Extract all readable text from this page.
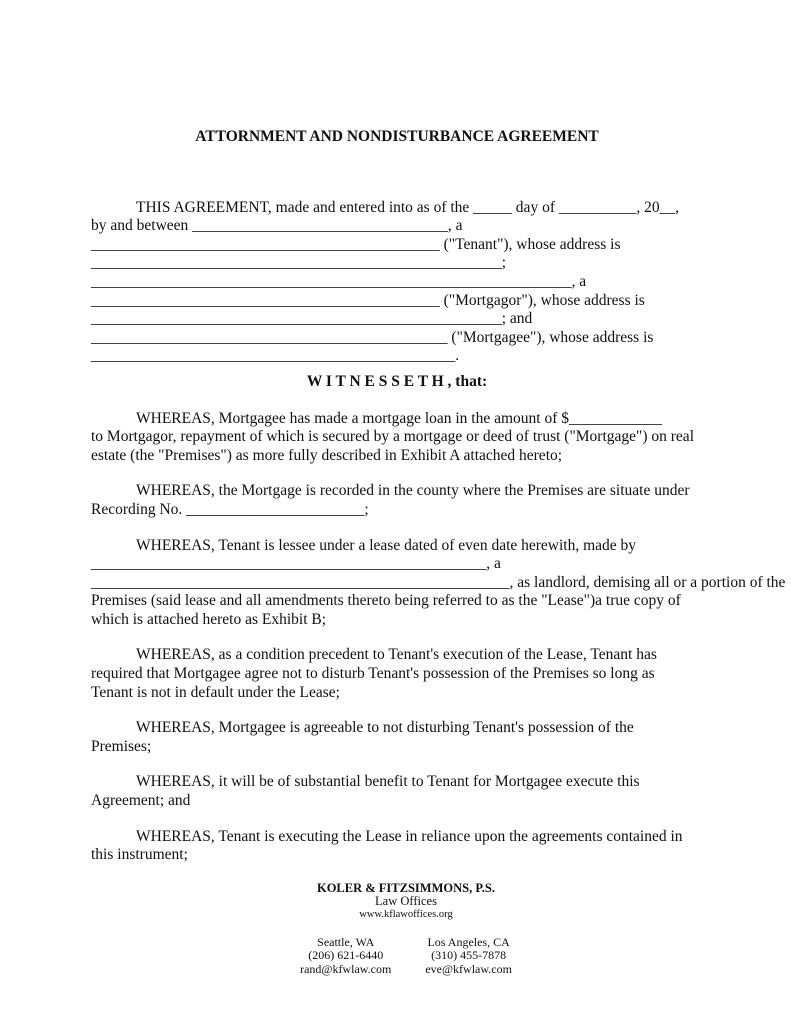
ATTORNMENT AND NONDISTURBANCE AGREEMENT
THIS AGREEMENT, made and entered into as of the _____ day of __________, 20__,
by and between _________________________________, a
_____________________________________________ ("Tenant"), whose address is
_____________________________________________________;
______________________________________________________________, a
_____________________________________________ ("Mortgagor"), whose address is
_____________________________________________________; and
______________________________________________ ("Mortgagee"), whose address is
_______________________________________________.
W I T N E S S E T H , that:
WHEREAS, Mortgagee has made a mortgage loan in the amount of $____________
to Mortgagor, repayment of which is secured by a mortgage or deed of trust ("Mortgage") on real
estate (the "Premises") as more fully described in Exhibit A attached hereto;
WHEREAS, the Mortgage is recorded in the county where the Premises are situate under
Recording No. _______________________;
WHEREAS, Tenant is lessee under a lease dated of even date herewith, made by
___________________________________________________, a
______________________________________________________, as landlord, demising all or a portion of the
Premises (said lease and all amendments thereto being referred to as the "Lease")a true copy of
which is attached hereto as Exhibit B;
WHEREAS, as a condition precedent to Tenant's execution of the Lease, Tenant has
required that Mortgagee agree not to disturb Tenant's possession of the Premises so long as
Tenant is not in default under the Lease;
WHEREAS, Mortgagee is agreeable to not disturbing Tenant's possession of the
Premises;
WHEREAS, it will be of substantial benefit to Tenant for Mortgagee execute this
Agreement; and
WHEREAS, Tenant is executing the Lease in reliance upon the agreements contained in
this instrument;
KOLER & FITZSIMMONS, P.S.
Law Offices
www.kflawoffices.org
Seattle, WA
(206) 621-6440
rand@kfwlaw.com
Los Angeles, CA
(310) 455-7878
eve@kfwlaw.com
